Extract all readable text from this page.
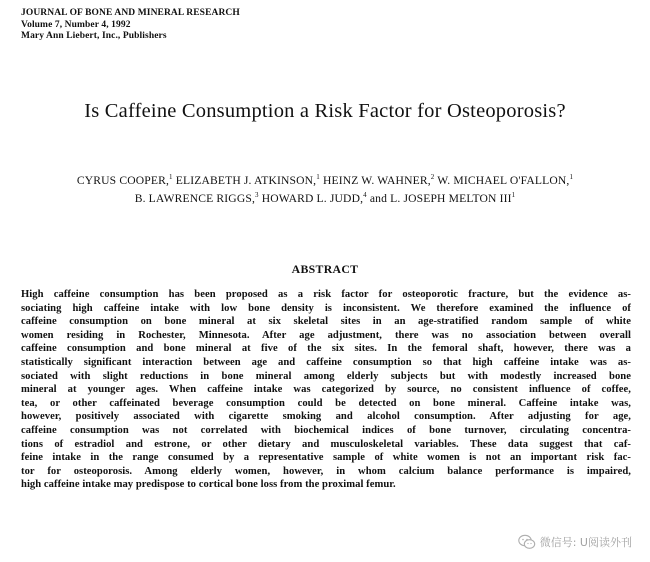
JOURNAL OF BONE AND MINERAL RESEARCH
Volume 7, Number 4, 1992
Mary Ann Liebert, Inc., Publishers
Is Caffeine Consumption a Risk Factor for Osteoporosis?
CYRUS COOPER,$^1$ ELIZABETH J. ATKINSON,$^1$ HEINZ W. WAHNER,$^2$ W. MICHAEL O'FALLON,$^1$
B. LAWRENCE RIGGS,$^3$ HOWARD L. JUDD,$^4$ and L. JOSEPH MELTON III$^1$
ABSTRACT
High caffeine consumption has been proposed as a risk factor for osteoporotic fracture, but the evidence as-
sociating high caffeine intake with low bone density is inconsistent. We therefore examined the influence of
caffeine consumption on bone mineral at six skeletal sites in an age-stratified random sample of white
women residing in Rochester, Minnesota. After age adjustment, there was no association between overall
caffeine consumption and bone mineral at five of the six sites. In the femoral shaft, however, there was a
statistically significant interaction between age and caffeine consumption so that high caffeine intake was as-
sociated with slight reductions in bone mineral among elderly subjects but with modestly increased bone
mineral at younger ages. When caffeine intake was categorized by source, no consistent influence of coffee,
tea, or other caffeinated beverage consumption could be detected on bone mineral. Caffeine intake was,
however, positively associated with cigarette smoking and alcohol consumption. After adjusting for age,
caffeine consumption was not correlated with biochemical indices of bone turnover, circulating concentra-
tions of estradiol and estrone, or other dietary and musculoskeletal variables. These data suggest that caf-
feine intake in the range consumed by a representative sample of white women is not an important risk fac-
tor for osteoporosis. Among elderly women, however, in whom calcium balance performance is impaired,
high caffeine intake may predispose to cortical bone loss from the proximal femur.
微信号: U阅读外刊
